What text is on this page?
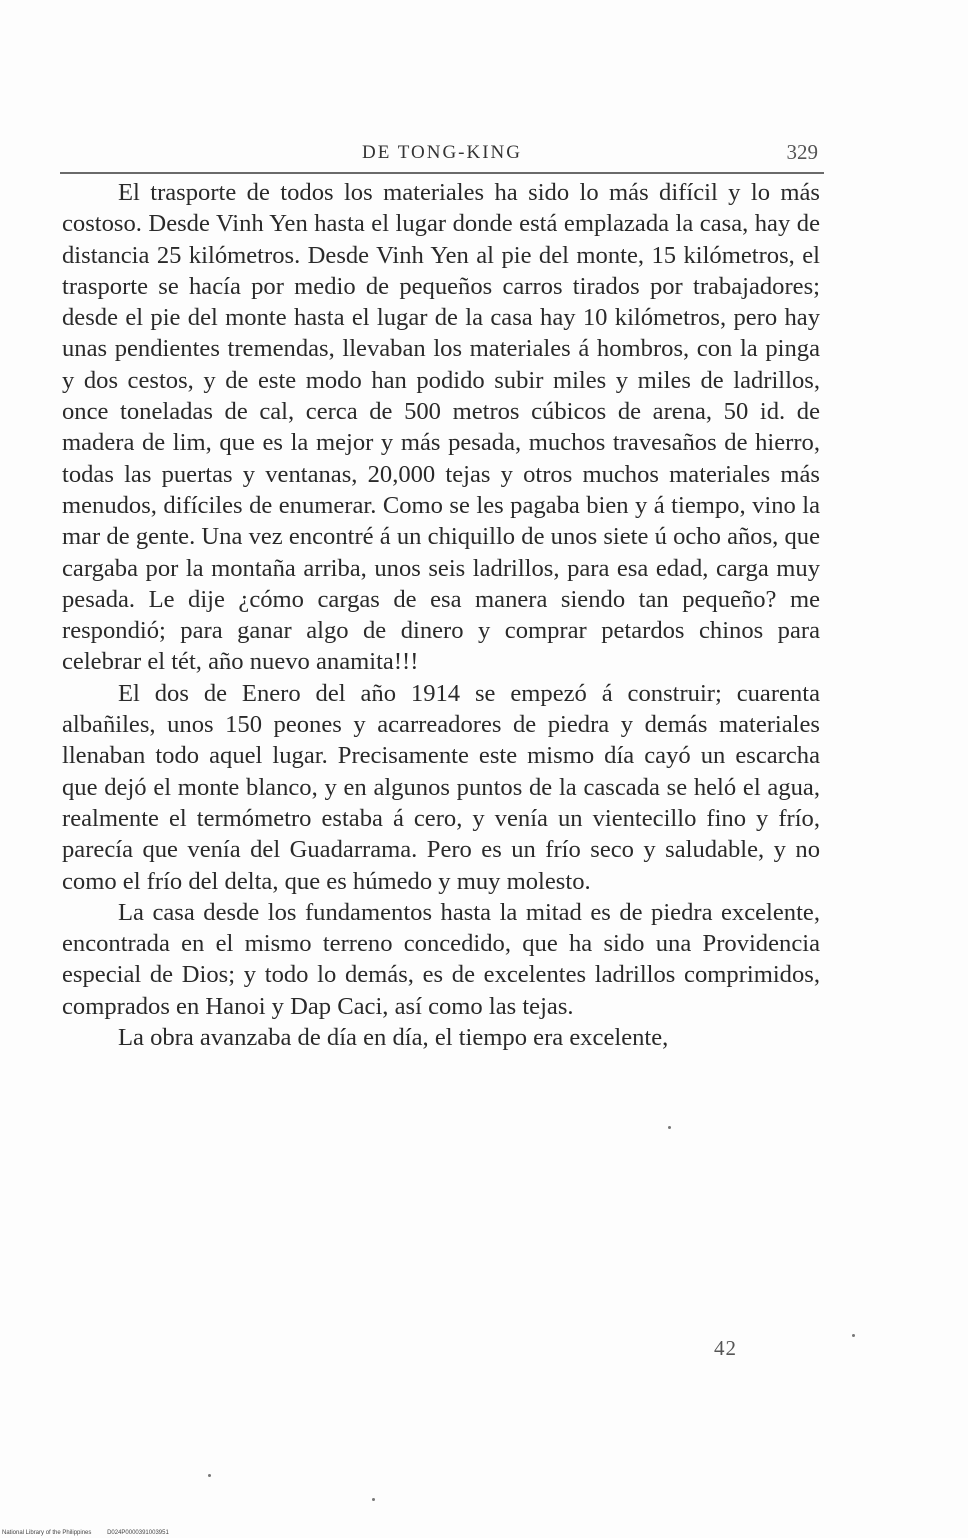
DE TONG-KING	329

El trasporte de todos los materiales ha sido lo más difícil y lo más costoso. Desde Vinh Yen hasta el lugar donde está emplazada la casa, hay de distancia 25 kilómetros. Desde Vinh Yen al pie del monte, 15 kilómetros, el trasporte se hacía por medio de pequeños carros tirados por trabajadores; desde el pie del monte hasta el lugar de la casa hay 10 kilómetros, pero hay unas pendientes tremendas, llevaban los materiales á hombros, con la pinga y dos cestos, y de este modo han podido subir miles y miles de ladrillos, once toneladas de cal, cerca de 500 metros cúbicos de arena, 50 id. de madera de lim, que es la mejor y más pesada, muchos travesaños de hierro, todas las puertas y ventanas, 20,000 tejas y otros muchos materiales más menudos, difíciles de enumerar. Como se les pagaba bien y á tiempo, vino la mar de gente. Una vez encontré á un chiquillo de unos siete ú ocho años, que cargaba por la montaña arriba, unos seis ladrillos, para esa edad, carga muy pesada. Le dije ¿cómo cargas de esa manera siendo tan pequeño? me respondió; para ganar algo de dinero y comprar petardos chinos para celebrar el tét, año nuevo anamita!!!

El dos de Enero del año 1914 se empezó á construir; cuarenta albañiles, unos 150 peones y acarreadores de piedra y demás materiales llenaban todo aquel lugar. Precisamente este mismo día cayó un escarcha que dejó el monte blanco, y en algunos puntos de la cascada se heló el agua, realmente el termómetro estaba á cero, y venía un vientecillo fino y frío, parecía que venía del Guadarrama. Pero es un frío seco y saludable, y no como el frío del delta, que es húmedo y muy molesto.

La casa desde los fundamentos hasta la mitad es de piedra excelente, encontrada en el mismo terreno concedido, que ha sido una Providencia especial de Dios; y todo lo demás, es de excelentes ladrillos comprimidos, comprados en Hanoi y Dap Caci, así como las tejas.

La obra avanzaba de día en día, el tiempo era excelente,

42
National Library of the Philippines	D024P0000391003951
